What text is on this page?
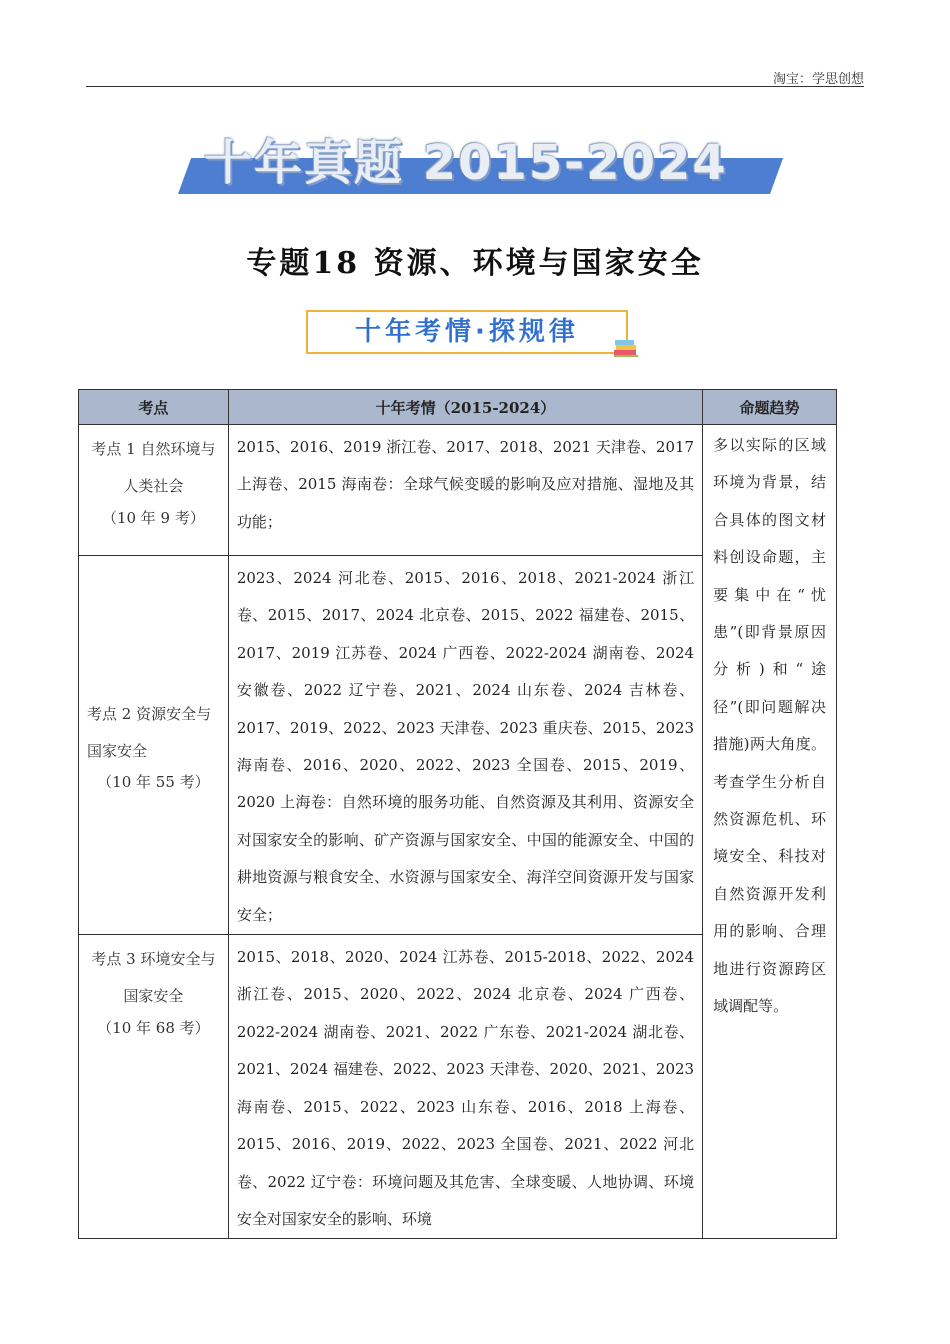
淘宝：学思创想
十年真题 2015-2024
专题18 资源、环境与国家安全
十年考情·探规律
考点	十年考情（2015-2024）	命题趋势

考点 1 自然环境与人类社会
（10 年 9 考）	2015、2016、2019 浙江卷、2017、2018、2021 天津卷、2017 上海卷、2015 海南卷：全球气候变暖的影响及应对措施、湿地及其功能；	多以实际的区域环境为背景，结合具体的图文材料创设命题，主要集中在“忧患”(即背景原因分析)和“途径”(即问题解决措施)两大角度。考查学生分析自然资源危机、环境安全、科技对自然资源开发利用的影响、合理地进行资源跨区域调配等。

考点 2 资源安全与国家安全
（10 年 55 考）	2023、2024 河北卷、2015、2016、2018、2021-2024 浙江卷、2015、2017、2024 北京卷、2015、2022 福建卷、2015、2017、2019 江苏卷、2024 广西卷、2022-2024 湖南卷、2024 安徽卷、2022 辽宁卷、2021、2024 山东卷、2024 吉林卷、2017、2019、2022、2023 天津卷、2023 重庆卷、2015、2023 海南卷、2016、2020、2022、2023 全国卷、2015、2019、2020 上海卷：自然环境的服务功能、自然资源及其利用、资源安全对国家安全的影响、矿产资源与国家安全、中国的能源安全、中国的耕地资源与粮食安全、水资源与国家安全、海洋空间资源开发与国家安全；	

考点 3 环境安全与国家安全
（10 年 68 考）	2015、2018、2020、2024 江苏卷、2015-2018、2022、2024 浙江卷、2015、2020、2022、2024 北京卷、2024 广西卷、2022-2024 湖南卷、2021、2022 广东卷、2021-2024 湖北卷、2021、2024 福建卷、2022、2023 天津卷、2020、2021、2023 海南卷、2015、2022、2023 山东卷、2016、2018 上海卷、2015、2016、2019、2022、2023 全国卷、2021、2022 河北卷、2022 辽宁卷：环境问题及其危害、全球变暖、人地协调、环境安全对国家安全的影响、环境	
